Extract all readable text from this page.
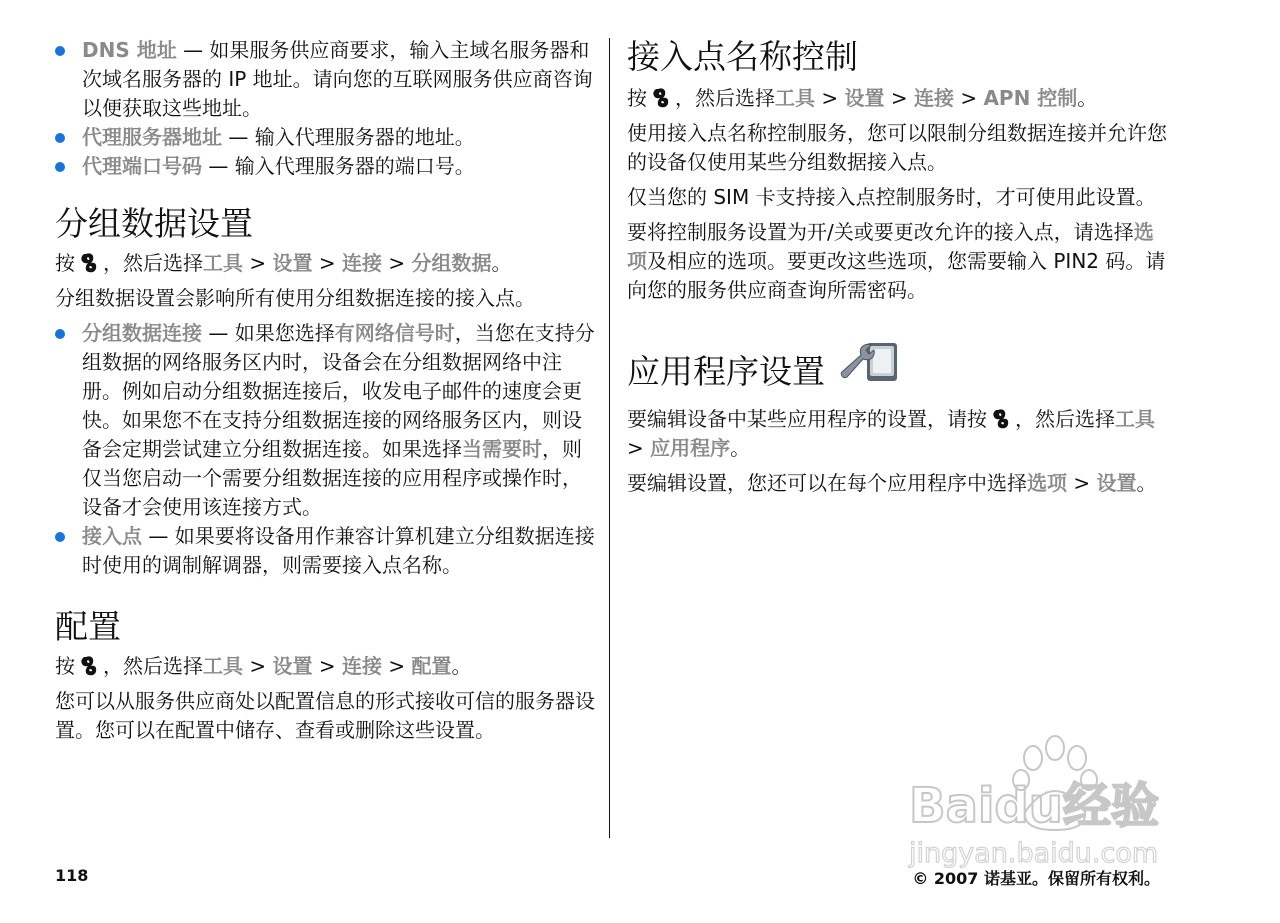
DNS 地址 — 如果服务供应商要求，输入主域名服务器和次域名服务器的 IP 地址。请向您的互联网服务供应商咨询以便获取这些地址。
代理服务器地址 — 输入代理服务器的地址。
代理端口号码 — 输入代理服务器的端口号。
分组数据设置

按 ，然后选择工具 > 设置 > 连接 > 分组数据。

分组数据设置会影响所有使用分组数据连接的接入点。

分组数据连接 — 如果您选择有网络信号时，当您在支持分组数据的网络服务区内时，设备会在分组数据网络中注册。例如启动分组数据连接后，收发电子邮件的速度会更快。如果您不在支持分组数据连接的网络服务区内，则设备会定期尝试建立分组数据连接。如果选择当需要时，则仅当您启动一个需要分组数据连接的应用程序或操作时，设备才会使用该连接方式。
接入点 — 如果要将设备用作兼容计算机建立分组数据连接时使用的调制解调器，则需要接入点名称。
配置

按 ，然后选择工具 > 设置 > 连接 > 配置。

您可以从服务供应商处以配置信息的形式接收可信的服务器设置。您可以在配置中储存、查看或删除这些设置。

接入点名称控制

按 ，然后选择工具 > 设置 > 连接 > APN 控制。

使用接入点名称控制服务，您可以限制分组数据连接并允许您的设备仅使用某些分组数据接入点。

仅当您的 SIM 卡支持接入点控制服务时，才可使用此设置。

要将控制服务设置为开/关或要更改允许的接入点，请选择选项及相应的选项。要更改这些选项，您需要输入 PIN2 码。请向您的服务供应商查询所需密码。

应用程序设置

要编辑设备中某些应用程序的设置，请按 ，然后选择工具 > 应用程序。

要编辑设置，您还可以在每个应用程序中选择选项 > 设置。

Baidu经验
jingyan.baidu.com
118	© 2007 诺基亚。保留所有权利。
